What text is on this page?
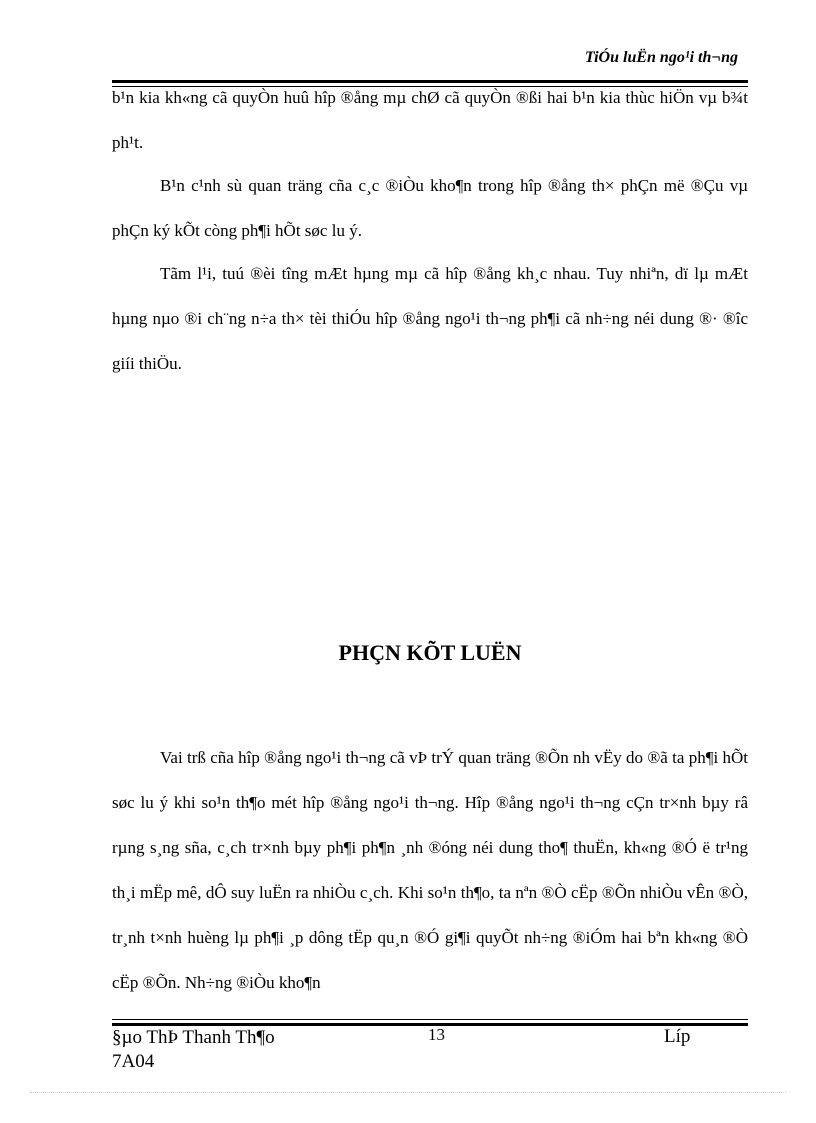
TiÓu luËn ngo¹i th¬ng

b¹n kia kh«ng cã quyÒn huû hîp ®ång mµ chØ cã quyÒn ®ßi hai b¹n kia thùc hiÖn vµ b¾t ph¹t.

B¹n c¹nh sù quan träng cña c¸c ®iÒu kho¶n trong hîp ®ång th× phÇn më ®Çu vµ phÇn ký kÕt còng ph¶i hÕt søc lu ý.

Tãm l¹i, tuú ®èi tîng mÆt hµng mµ cã hîp ®ång kh¸c nhau. Tuy nhiªn, dï lµ mÆt hµng nµo ®i ch¨ng n÷a th× tèi thiÓu hîp ®ång ngo¹i th¬ng ph¶i cã nh÷ng néi dung ®· ®îc giíi thiÖu.

PHÇN KÕT LUËN

Vai trß cña hîp ®ång ngo¹i th¬ng cã vÞ trÝ quan träng ®Õn nh vËy do ®ã ta ph¶i hÕt søc lu ý khi so¹n th¶o mét hîp ®ång ngo¹i th¬ng. Hîp ®ång ngo¹i th¬ng cÇn tr×nh bµy râ rµng s¸ng sña, c¸ch tr×nh bµy ph¶i ph¶n ¸nh ®óng néi dung tho¶ thuËn, kh«ng ®Ó ë tr¹ng th¸i mËp mê, dÔ suy luËn ra nhiÒu c¸ch. Khi so¹n th¶o, ta nªn ®Ò cËp ®Õn nhiÒu vÊn ®Ò, tr¸nh t×nh huèng lµ ph¶i ¸p dông tËp qu¸n ®Ó gi¶i quyÕt nh÷ng ®iÓm hai bªn kh«ng ®Ò cËp ®Õn. Nh÷ng ®iÒu kho¶n

§µo ThÞ Thanh Th¶o
7A04
13	Líp
